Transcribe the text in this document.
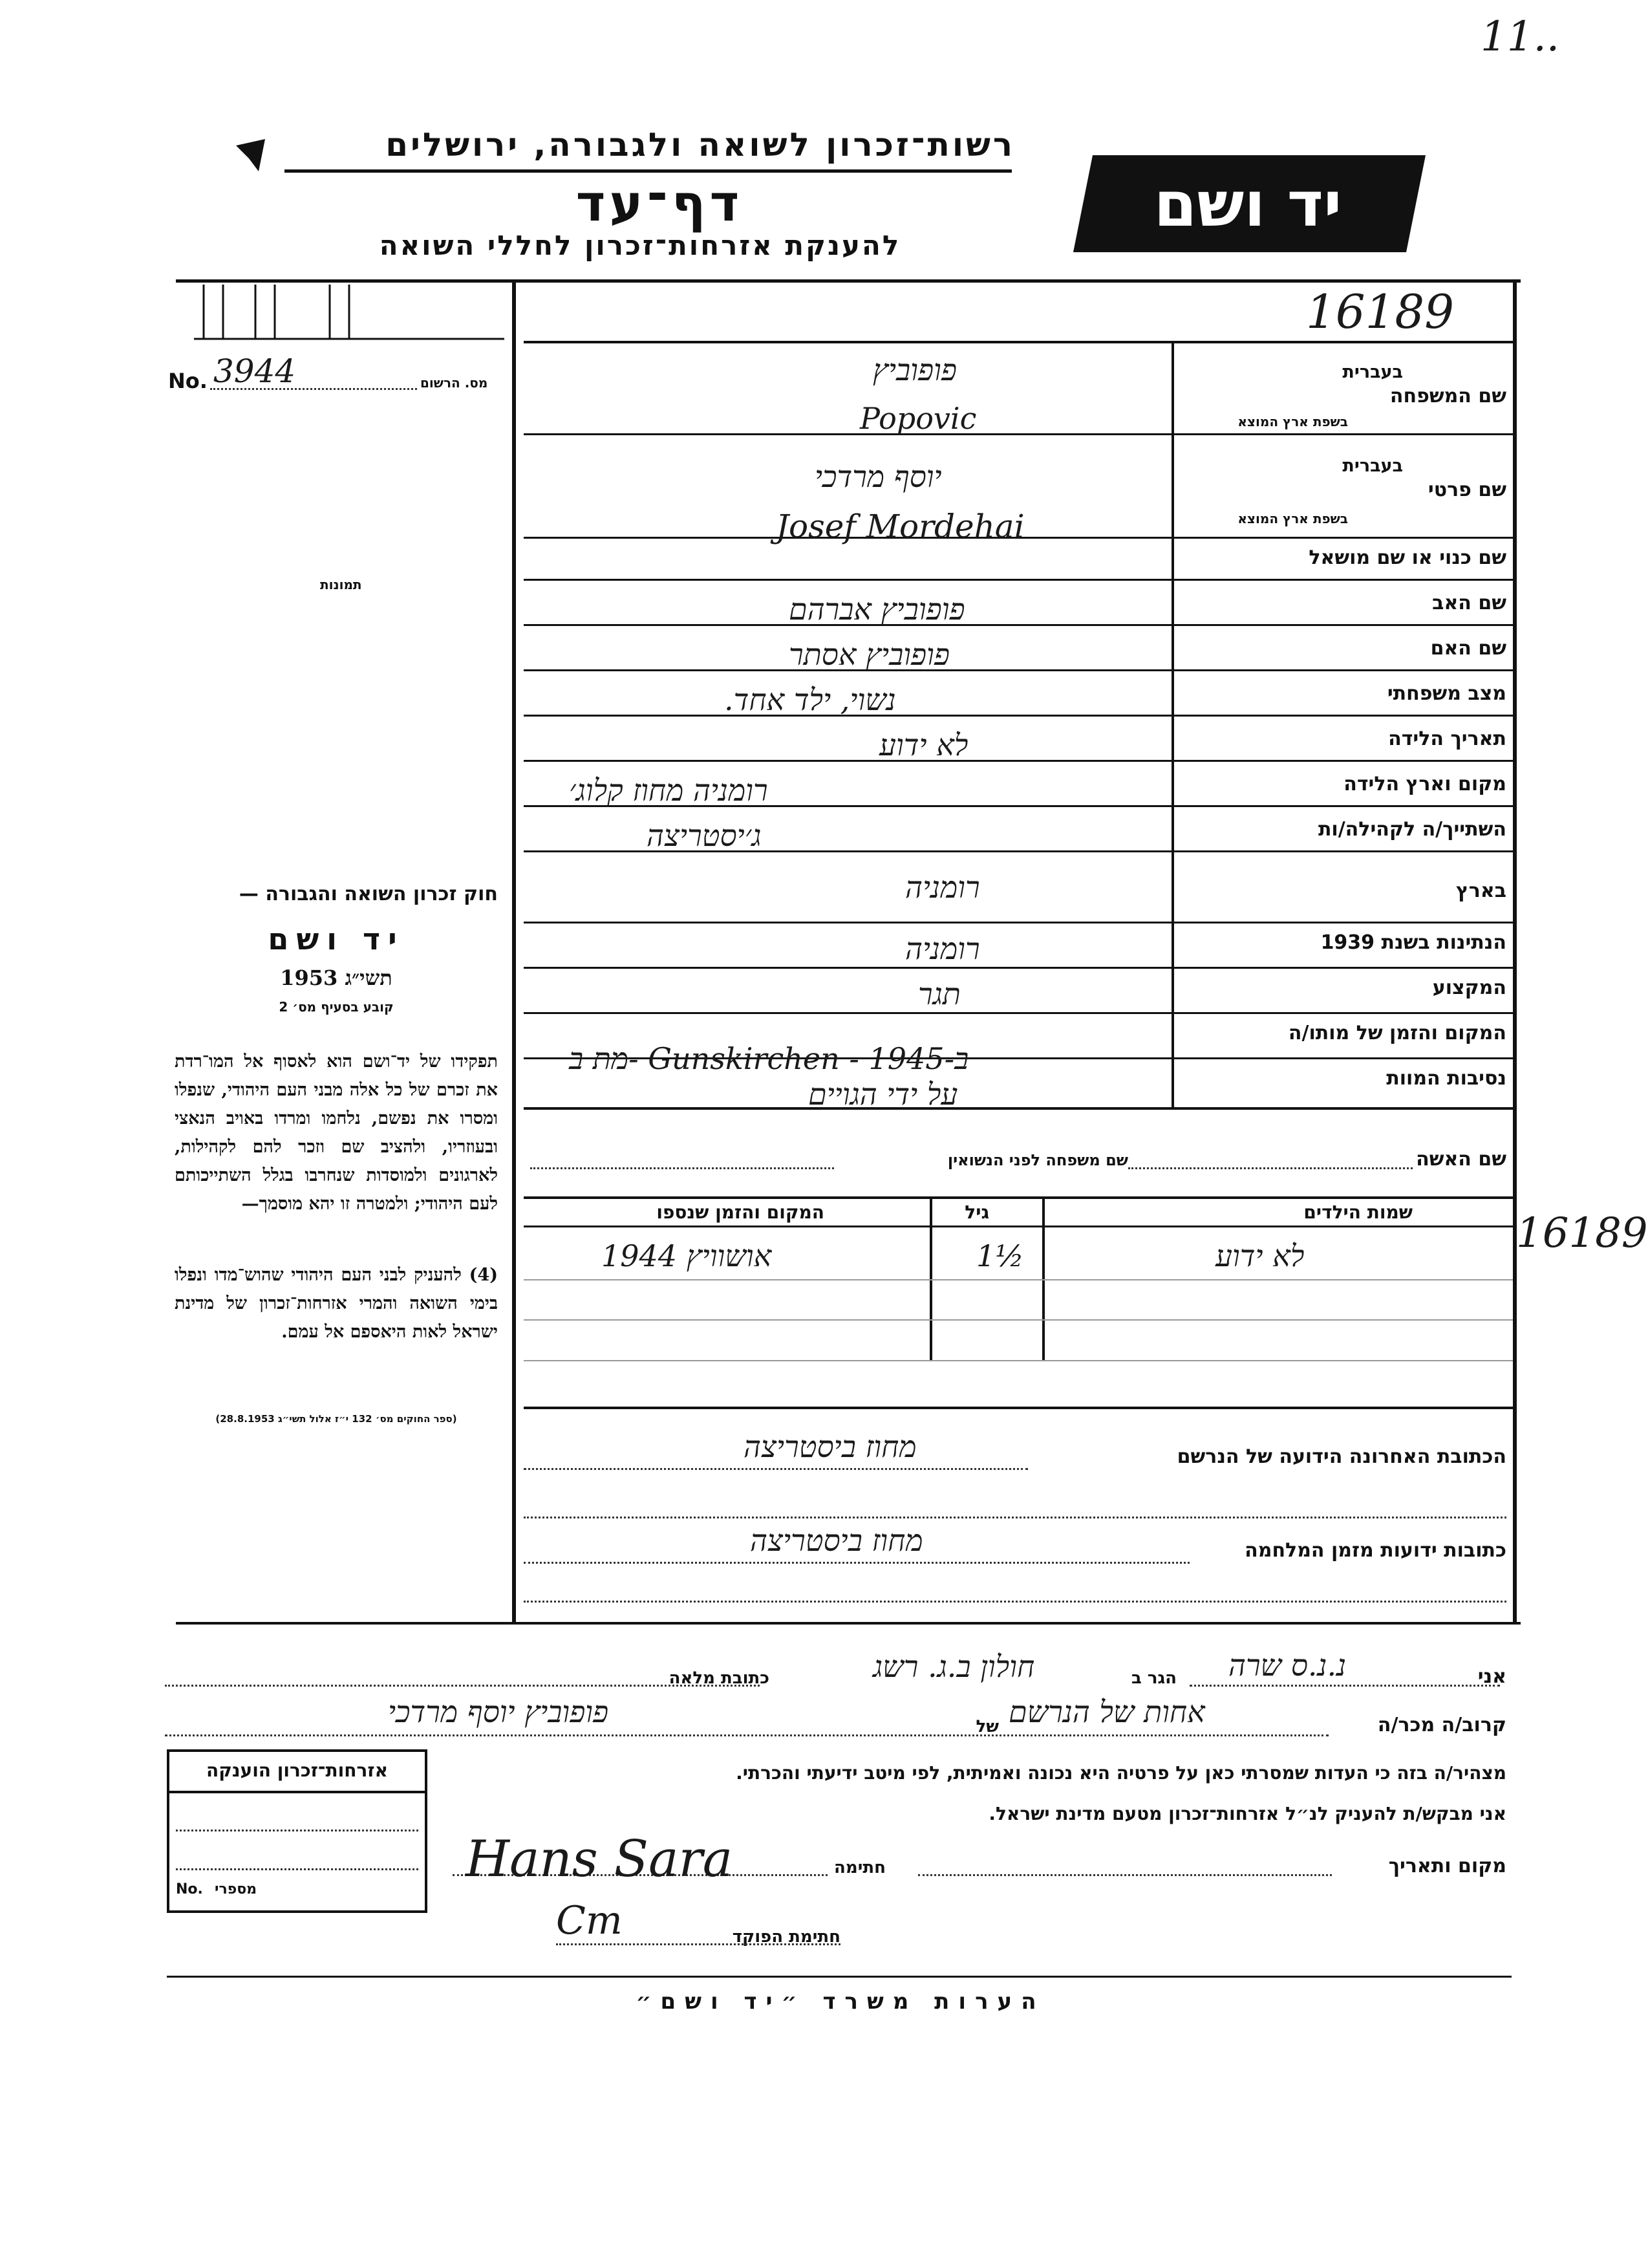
11..
רשות־זכרון לשואה ולגבורה, ירושלים
דף־עד
להענקת אזרחות־זכרון לחללי השואה
יד ושם
16189
No. 3944	מס. הרשום
תמונות
חוק זכרון השואה והגבורה —
יד ושם
תשי״ג 1953
קובע בסעיף מס׳ 2
תפקידו של יד־ושם הוא לאסוף אל המו־רדת את זכרם של כל אלה מבני העם היהודי, שנפלו ומסרו את נפשם, נלחמו ומרדו באויב הנאצי ובעוזריו, ולהציב שם וזכר להם לקהילות, לארגונים ולמוסדות שנחרבו בגלל השתייכותם לעם היהודי; ולמטרה זו יהא מוסמך—
(4) להעניק לבני העם היהודי שהוש־מדו ונפלו בימי השואה והמרי אזרחות־זכרון של מדינת ישראל לאות היאספם אל עמם.
(ספר החוקים מס׳ 132 י״ז אלול תשי״ג 28.8.1953)
שם המשפחה
בעברית
בשפת ארץ המוצא
שם פרטי
בעברית
בשפת ארץ המוצא
שם כנוי או שם מושאל
שם האב
שם האם
מצב משפחתי
תאריך הלידה
מקום וארץ הלידה
השתייך/ה לקהילה/ות
בארץ
הנתינות בשנת 1939
המקצוע
המקום והזמן של מותו/ה
נסיבות המוות
פופוביץ
Popovic
יוסף מרדכי
Josef Mordehai
פופוביץ אברהם
פופוביץ אסתר
נשוי, ילד אחד.
לא ידוע
רומניה מחוז קלוג׳
ג׳יסטריצה
רומניה
רומניה
תגר
מת ב- Gunskirchen - ב-1945
על ידי הגויים
שם האשה
שם משפחה לפני הנשואין
שמות הילדים
גיל
המקום והזמן שנספו
לא ידוע
1½
1944 אושוויץ	16189
הכתובת האחרונה הידועה של הנרשם
מחוז ביסטריצה
כתובות ידועות מזמן המלחמה
מחוז ביסטריצה
אני
נ.נ.ס שרה
הגר ב
חולון ב.ג. רשג
כתובת מלאה
קרוב/ה מכר/ה
אחות של הנרשם
של
פופוביץ יוסף מרדכי
מצהיר/ה בזה כי העדות שמסרתי כאן על פרטיה היא נכונה ואמיתית, לפי מיטב ידיעתי והכרתי.
אני מבקש/ת להעניק לנ״ל אזרחות־זכרון מטעם מדינת ישראל.
מקום ותאריך
חתימה
Hans Sara
חתימת הפוקד
Cm
אזרחות־זכרון הוענקה
No. מספרי
הערות משרד ״יד ושם״
